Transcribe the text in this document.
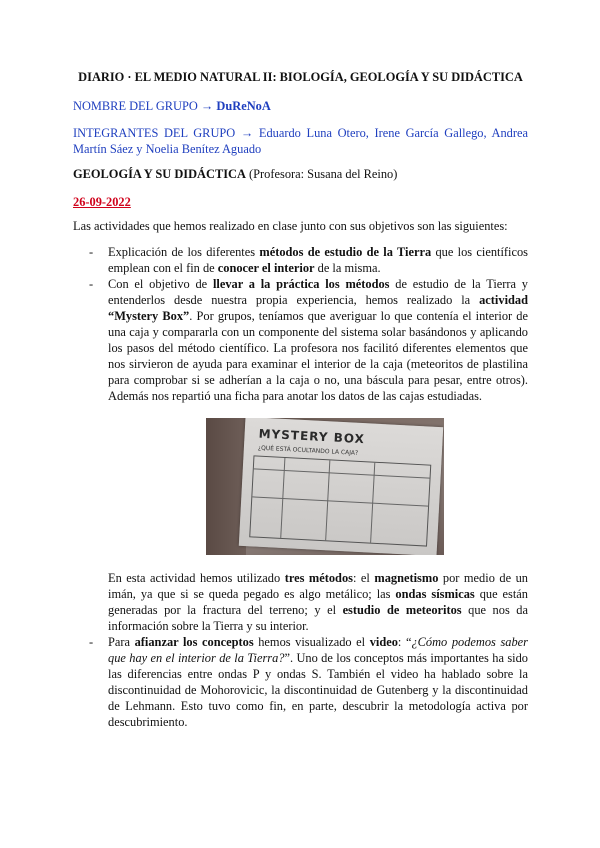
DIARIO · EL MEDIO NATURAL II: BIOLOGÍA, GEOLOGÍA Y SU DIDÁCTICA
NOMBRE DEL GRUPO → DuReNoA
INTEGRANTES DEL GRUPO → Eduardo Luna Otero, Irene García Gallego, Andrea Martín Sáez y Noelia Benítez Aguado
GEOLOGÍA Y SU DIDÁCTICA (Profesora: Susana del Reino)
26-09-2022
Las actividades que hemos realizado en clase junto con sus objetivos son las siguientes:
- Explicación de los diferentes métodos de estudio de la Tierra que los científicos emplean con el fin de conocer el interior de la misma.
- Con el objetivo de llevar a la práctica los métodos de estudio de la Tierra y entenderlos desde nuestra propia experiencia, hemos realizado la actividad “Mystery Box”. Por grupos, teníamos que averiguar lo que contenía el interior de una caja y compararla con un componente del sistema solar basándonos y aplicando los pasos del método científico. La profesora nos facilitó diferentes elementos que nos sirvieron de ayuda para examinar el interior de la caja (meteoritos de plastilina para comprobar si se adherían a la caja o no, una báscula para pesar, entre otros). Además nos repartió una ficha para anotar los datos de las cajas estudiadas.
MYSTERY BOX
¿QUÉ ESTÁ OCULTANDO LA CAJA?
En esta actividad hemos utilizado tres métodos: el magnetismo por medio de un imán, ya que si se queda pegado es algo metálico; las ondas sísmicas que están generadas por la fractura del terreno; y el estudio de meteoritos que nos da información sobre la Tierra y su interior.
- Para afianzar los conceptos hemos visualizado el video: “¿Cómo podemos saber que hay en el interior de la Tierra?”. Uno de los conceptos más importantes ha sido las diferencias entre ondas P y ondas S. También el video ha hablado sobre la discontinuidad de Mohorovicic, la discontinuidad de Gutenberg y la discontinuidad de Lehmann. Esto tuvo como fin, en parte, descubrir la metodología activa por descubrimiento.
